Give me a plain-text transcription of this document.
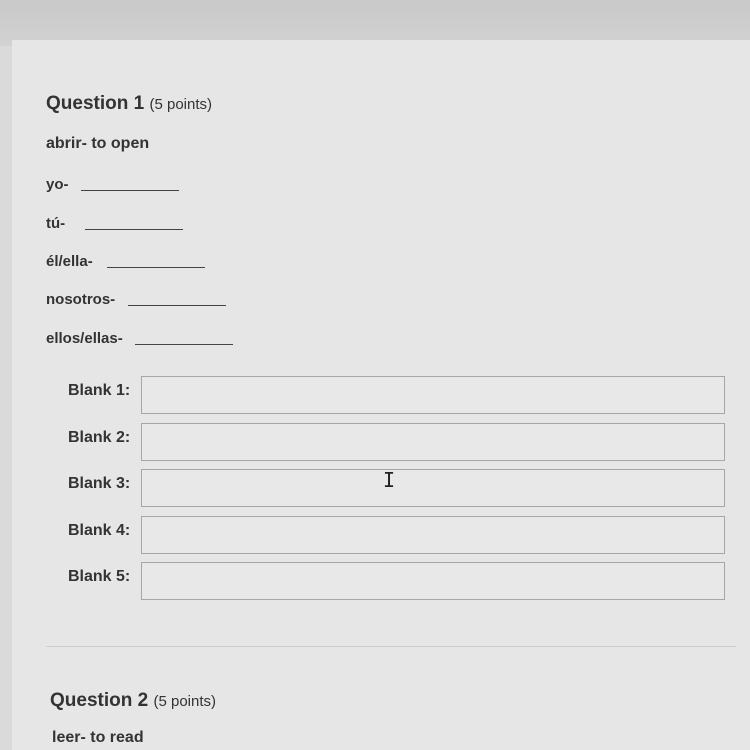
Question 1 (5 points)
abrir- to open
yo-
tú-
él/ella-
nosotros-
ellos/ellas-
Blank 1:
Blank 2:
Blank 3:
Blank 4:
Blank 5:
I
Question 2 (5 points)
leer- to read
